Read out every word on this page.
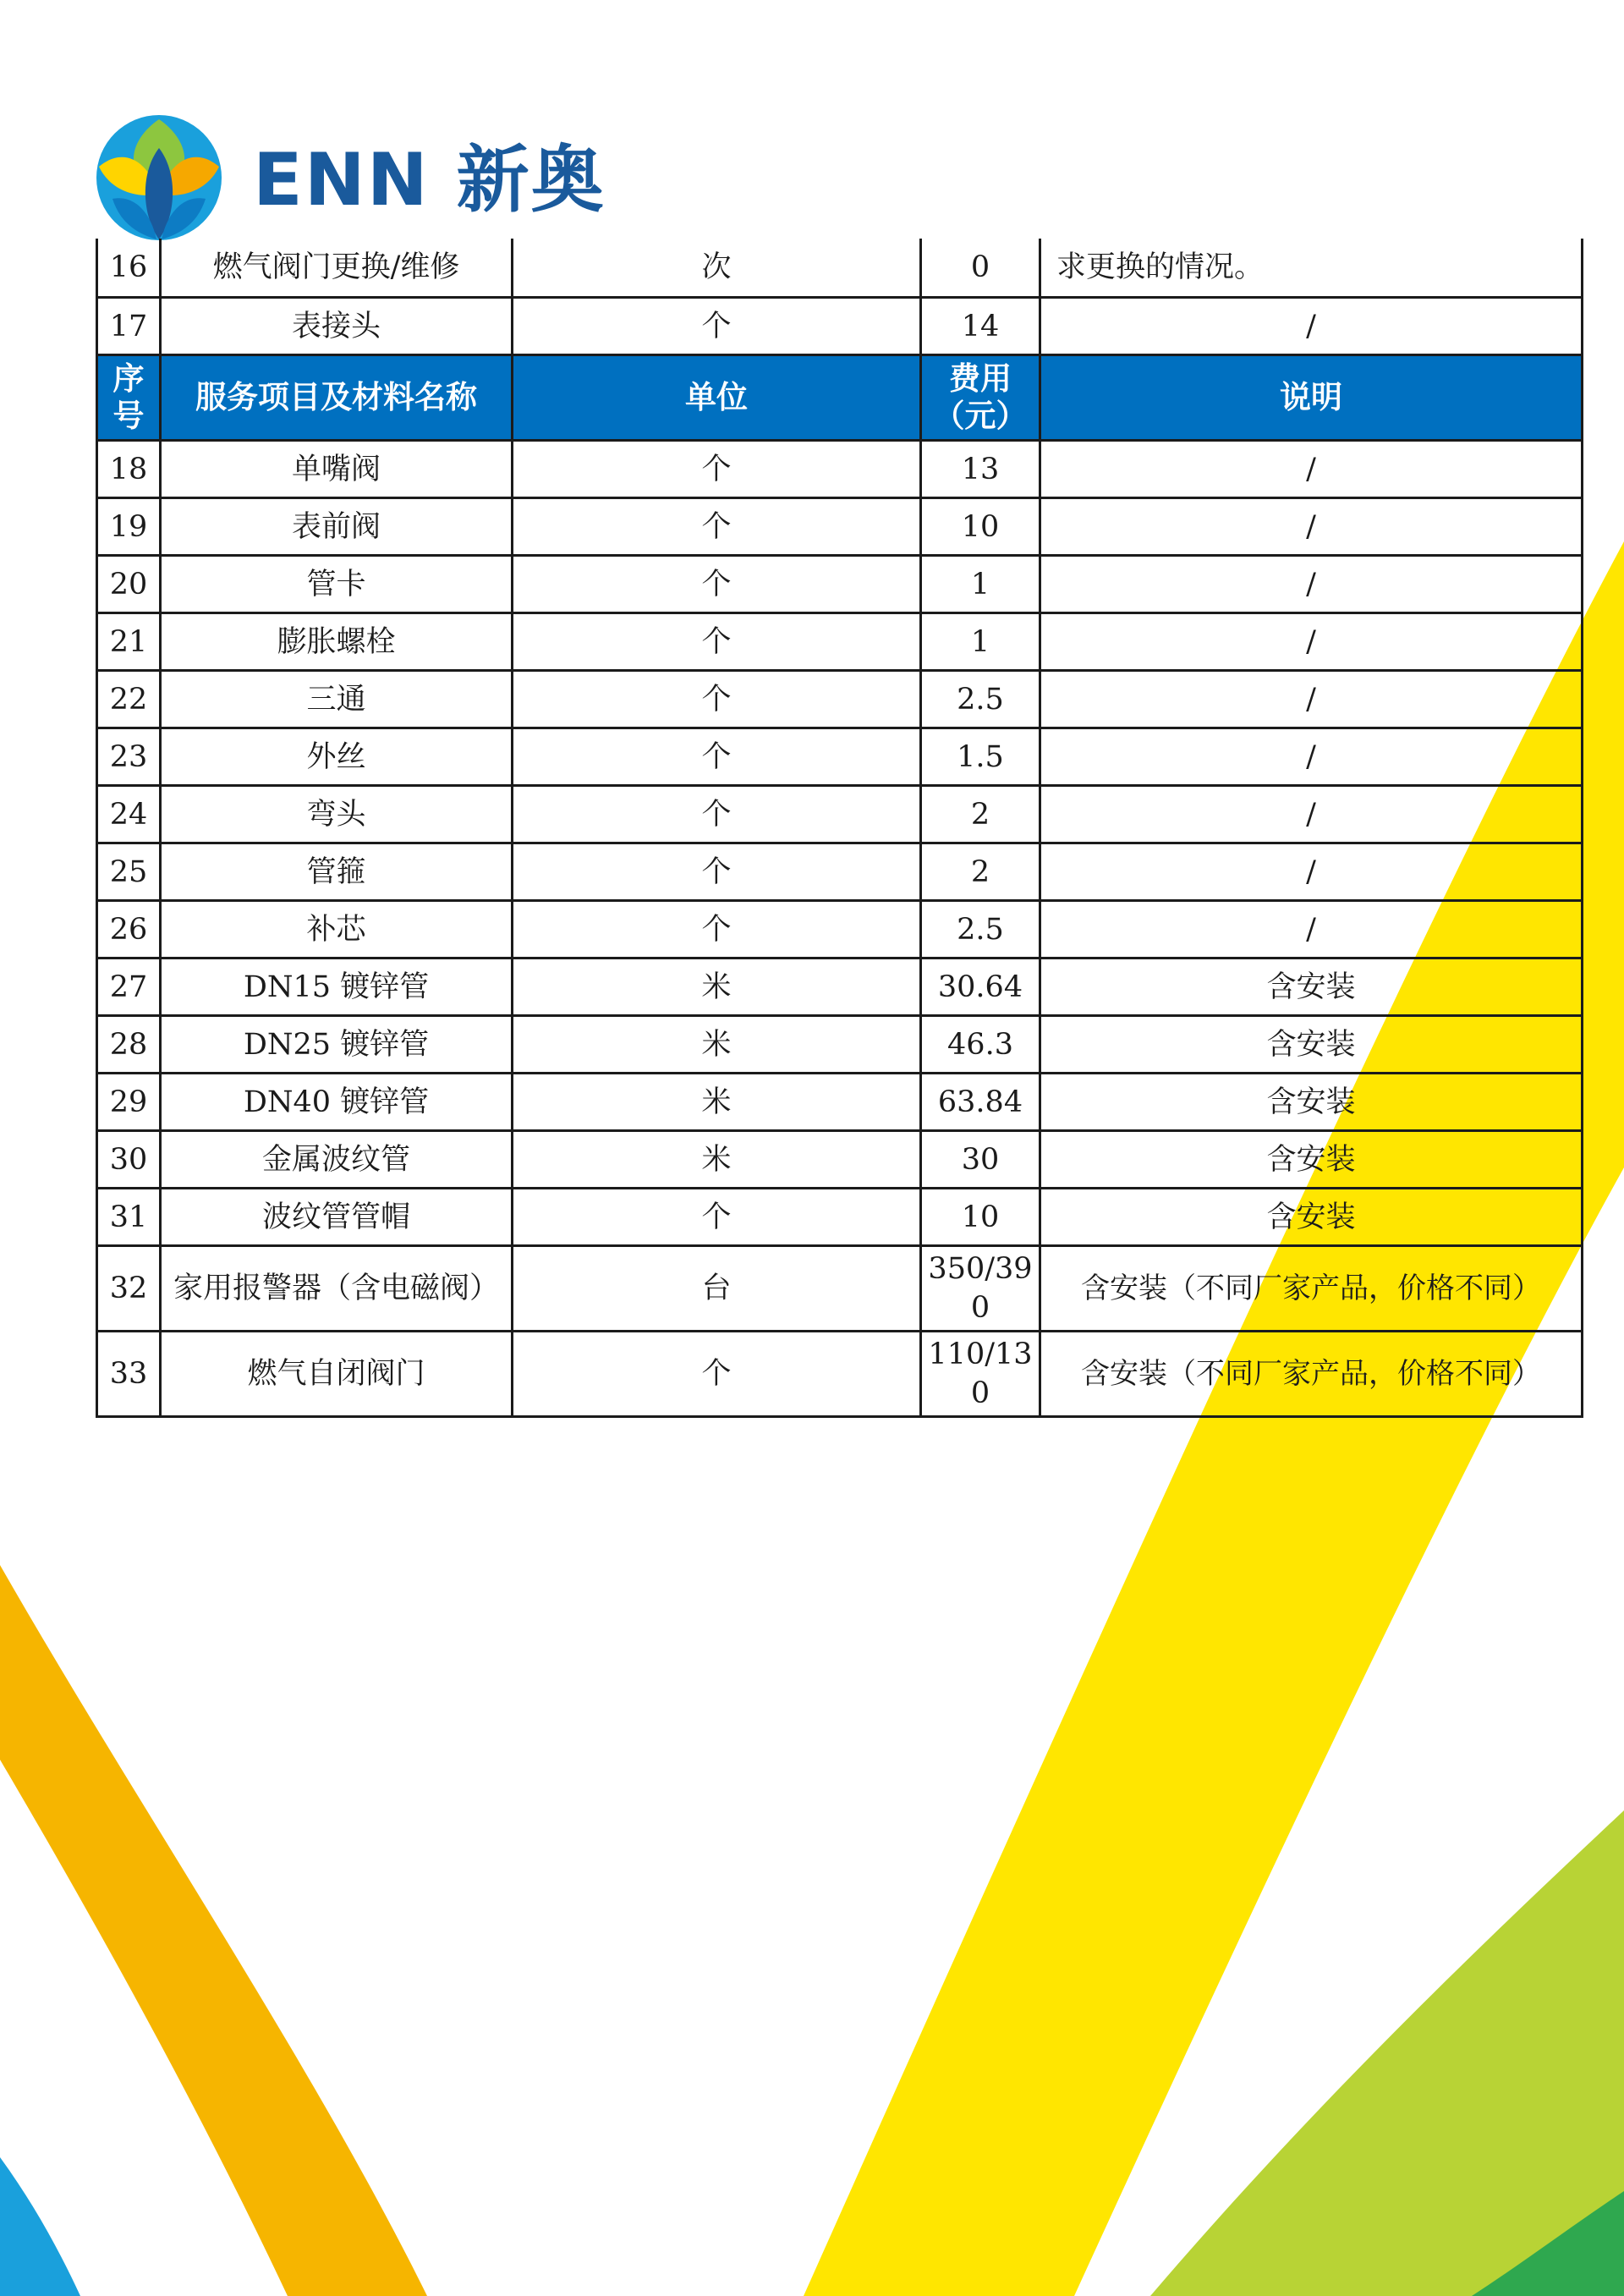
ENN 新奥
16	燃气阀门更换/维修	次	0	求更换的情况。
17	表接头	个	14	/
序号	服务项目及材料名称	单位	费用（元）	说明
18	单嘴阀	个	13	/
19	表前阀	个	10	/
20	管卡	个	1	/
21	膨胀螺栓	个	1	/
22	三通	个	2.5	/
23	外丝	个	1.5	/
24	弯头	个	2	/
25	管箍	个	2	/
26	补芯	个	2.5	/
27	DN15 镀锌管	米	30.64	含安装
28	DN25 镀锌管	米	46.3	含安装
29	DN40 镀锌管	米	63.84	含安装
30	金属波纹管	米	30	含安装
31	波纹管管帽	个	10	含安装
32	家用报警器（含电磁阀）	台	350/390	含安装（不同厂家产品，价格不同）
33	燃气自闭阀门	个	110/130	含安装（不同厂家产品，价格不同）
